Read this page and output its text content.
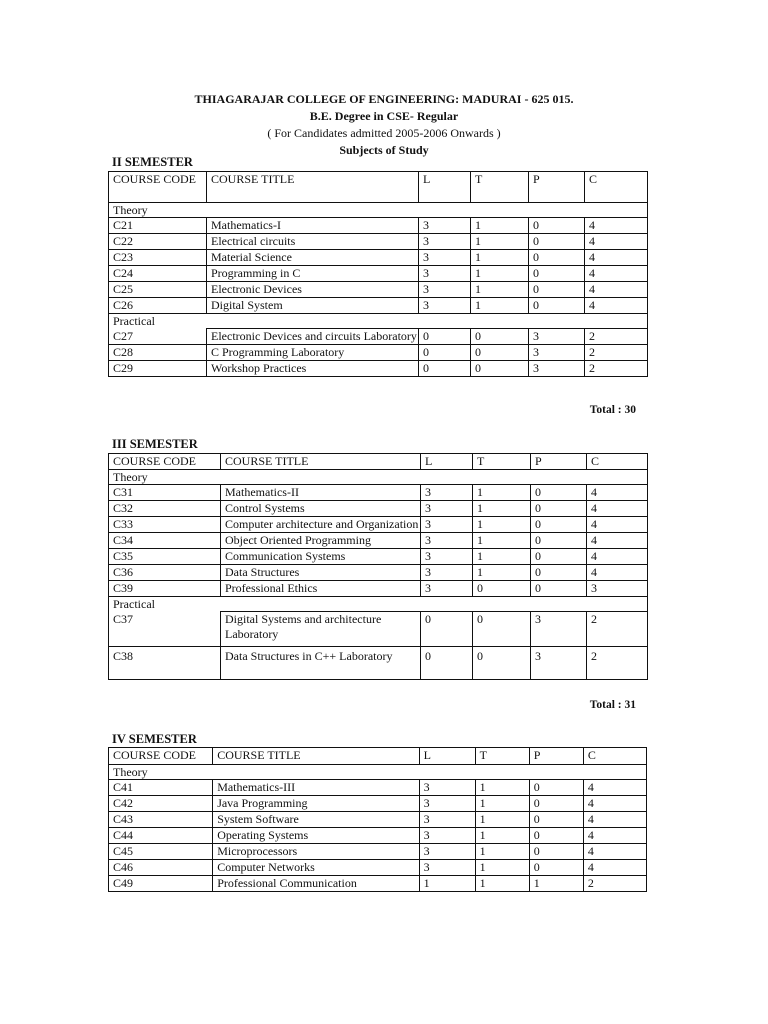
THIAGARAJAR COLLEGE OF ENGINEERING: MADURAI - 625 015.
B.E. Degree in CSE- Regular
( For Candidates admitted 2005-2006 Onwards )
Subjects of Study
II SEMESTER
COURSE CODE	COURSE TITLE	L	T	P	C
Theory					
C21	Mathematics-I	3	1	0	4
C22	Electrical circuits	3	1	0	4
C23	Material Science	3	1	0	4
C24	Programming in C	3	1	0	4
C25	Electronic Devices	3	1	0	4
C26	Digital System	3	1	0	4
Practical					
C27	Electronic Devices and circuits Laboratory	0	0	3	2
C28	C Programming Laboratory	0	0	3	2
C29	Workshop Practices	0	0	3	2
Total : 30
III SEMESTER
COURSE CODE	COURSE TITLE	L	T	P	C
Theory					
C31	Mathematics-II	3	1	0	4
C32	Control Systems	3	1	0	4
C33	Computer architecture and Organization	3	1	0	4
C34	Object Oriented Programming	3	1	0	4
C35	Communication Systems	3	1	0	4
C36	Data Structures	3	1	0	4
C39	Professional Ethics	3	0	0	3
Practical					
C37	Digital Systems and architecture Laboratory	0	0	3	2
C38	Data Structures in C++ Laboratory	0	0	3	2
Total : 31
IV SEMESTER
COURSE CODE	COURSE TITLE	L	T	P	C
Theory					
C41	Mathematics-III	3	1	0	4
C42	Java Programming	3	1	0	4
C43	System Software	3	1	0	4
C44	Operating Systems	3	1	0	4
C45	Microprocessors	3	1	0	4
C46	Computer Networks	3	1	0	4
C49	Professional Communication	1	1	1	2
